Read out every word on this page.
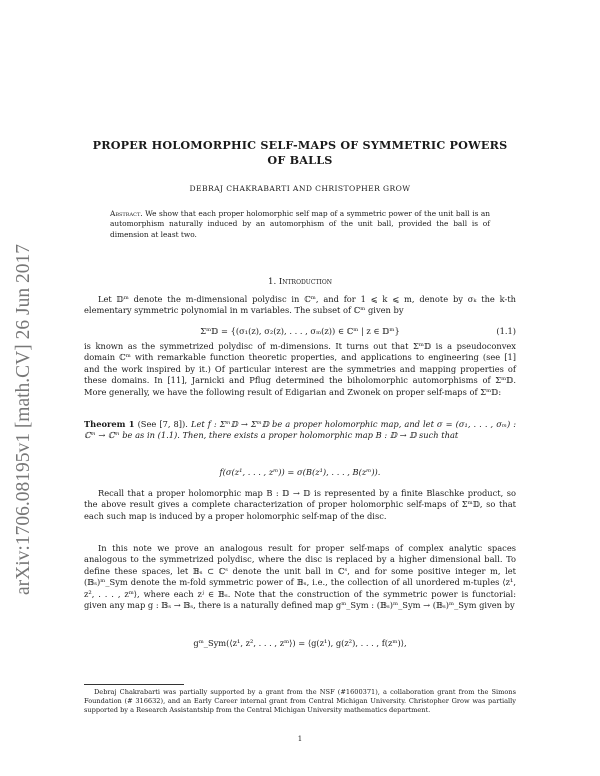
arXiv:1706.08195v1 [math.CV] 26 Jun 2017
PROPER HOLOMORPHIC SELF-MAPS OF SYMMETRIC POWERS
OF BALLS
DEBRAJ CHAKRABARTI AND CHRISTOPHER GROW
Abstract. We show that each proper holomorphic self map of a symmetric power of the unit ball is an automorphism naturally induced by an automorphism of the unit ball, provided the ball is of dimension at least two.
1. Introduction
Let 𝔻ᵐ denote the m-dimensional polydisc in ℂᵐ, and for 1 ⩽ k ⩽ m, denote by σₖ the k-th elementary symmetric polynomial in m variables. The subset of ℂᵐ given by
Σᵐ𝔻 = {(σ₁(z), σ₂(z), . . . , σₘ(z)) ∈ ℂᵐ | z ∈ 𝔻ᵐ}	(1.1)
is known as the symmetrized polydisc of m-dimensions. It turns out that Σᵐ𝔻 is a pseudoconvex domain ℂᵐ with remarkable function theoretic properties, and applications to engineering (see [1] and the work inspired by it.) Of particular interest are the symmetries and mapping properties of these domains. In [11], Jarnicki and Pflug determined the biholomorphic automorphisms of Σᵐ𝔻. More generally, we have the following result of Edigarian and Zwonek on proper self-maps of Σᵐ𝔻:
Theorem 1 (See [7, 8]). Let f : Σᵐ𝔻 → Σᵐ𝔻 be a proper holomorphic map, and let σ = (σ₁, . . . , σₘ) : ℂᵐ → ℂᵐ be as in (1.1). Then, there exists a proper holomorphic map B : 𝔻 → 𝔻 such that
f(σ(z¹, . . . , zᵐ)) = σ(B(z¹), . . . , B(zᵐ)).
Recall that a proper holomorphic map B : 𝔻 → 𝔻 is represented by a finite Blaschke product, so the above result gives a complete characterization of proper holomorphic self-maps of Σᵐ𝔻, so that each such map is induced by a proper holomorphic self-map of the disc.
In this note we prove an analogous result for proper self-maps of complex analytic spaces analogous to the symmetrized polydisc, where the disc is replaced by a higher dimensional ball. To define these spaces, let 𝔹ₛ ⊂ ℂˢ denote the unit ball in ℂˢ, and for some positive integer m, let (𝔹ₛ)ᵐ_Sym denote the m-fold symmetric power of 𝔹ₛ, i.e., the collection of all unordered m-tuples ⟨z¹, z², . . . , zᵐ⟩, where each zʲ ∈ 𝔹ₛ. Note that the construction of the symmetric power is functorial: given any map g : 𝔹ₛ → 𝔹ₛ, there is a naturally defined map gᵐ_Sym : (𝔹ₛ)ᵐ_Sym → (𝔹ₛ)ᵐ_Sym given by
gᵐ_Sym(⟨z¹, z², . . . , zᵐ⟩) = ⟨g(z¹), g(z²), . . . , f(zᵐ)⟩,
Debraj Chakrabarti was partially supported by a grant from the NSF (#1600371), a collaboration grant from the Simons Foundation (# 316632), and an Early Career internal grant from Central Michigan University. Christopher Grow was partially supported by a Research Assistantship from the Central Michigan University mathematics department.
1
